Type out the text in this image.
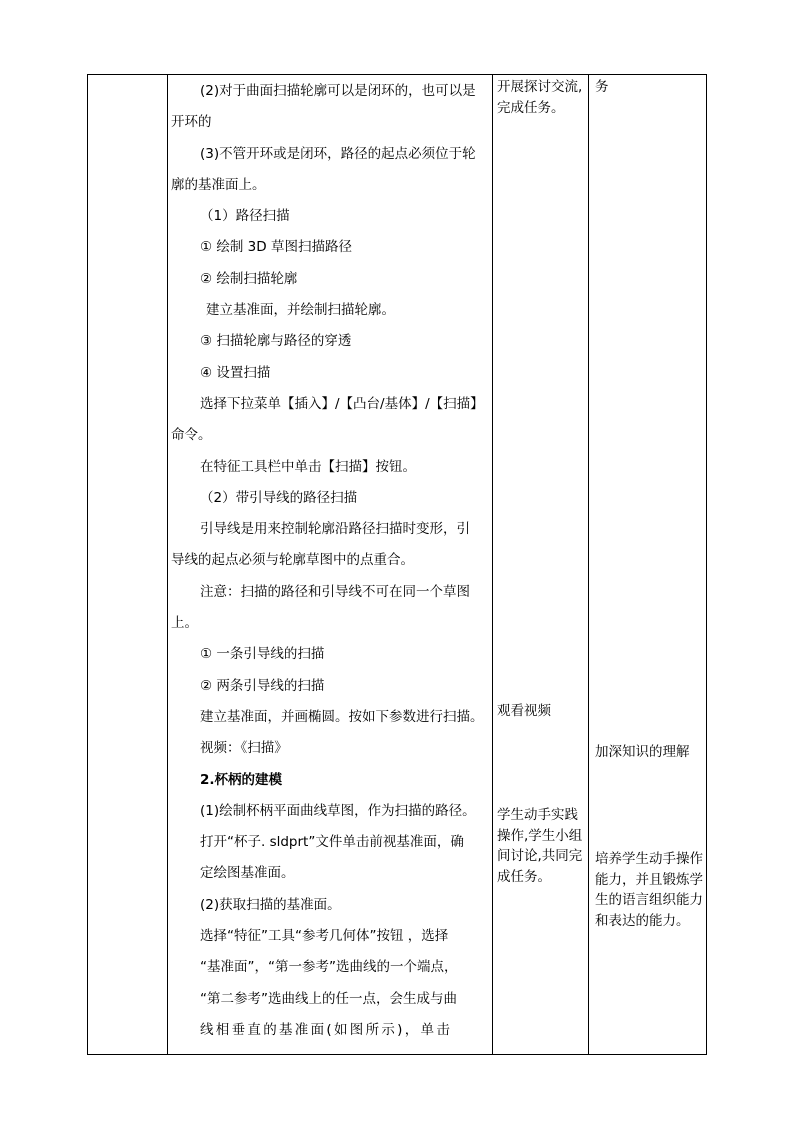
(2)对于曲面扫描轮廓可以是闭环的，也可以是

开环的

(3)不管开环或是闭环，路径的起点必须位于轮

廓的基准面上。

（1）路径扫描

① 绘制 3D 草图扫描路径

② 绘制扫描轮廓

建立基准面，并绘制扫描轮廓。

③ 扫描轮廓与路径的穿透

④ 设置扫描

选择下拉菜单【插入】/【凸台/基体】/【扫描】

命令。

在特征工具栏中单击【扫描】按钮。

（2）带引导线的路径扫描

引导线是用来控制轮廓沿路径扫描时变形，引

导线的起点必须与轮廓草图中的点重合。

注意：扫描的路径和引导线不可在同一个草图

上。

① 一条引导线的扫描

② 两条引导线的扫描

建立基准面，并画椭圆。按如下参数进行扫描。

视频：《扫描》

2.杯柄的建模

(1)绘制杯柄平面曲线草图，作为扫描的路径。

打开“杯子. sldprt”文件单击前视基准面，确

定绘图基准面。

(2)获取扫描的基准面。

选择“特征”工具“参考几何体”按钮 ，选择

“基准面”，“第一参考”选曲线的一个端点，

“第二参考”选曲线上的任一点，会生成与曲

线相垂直的基准面(如图所示)，单击

开展探讨交流,完成任务。

观看视频

学生动手实践操作,学生小组间讨论,共同完成任务。

务

加深知识的理解

培养学生动手操作能力，并且锻炼学生的语言组织能力和表达的能力。
